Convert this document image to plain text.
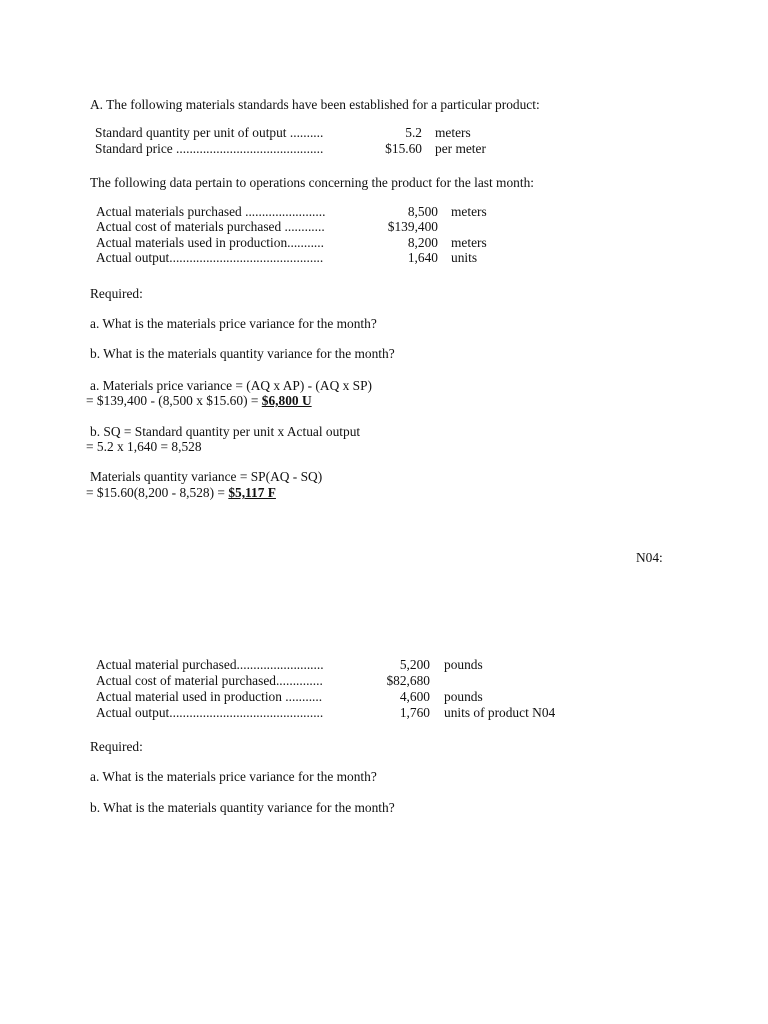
A. The following materials standards have been established for a particular product:
Standard quantity per unit of output ..........	5.2 meters
Standard price ............................................	$15.60 per meter
The following data pertain to operations concerning the product for the last month:
Actual materials purchased ........................	8,500 meters
Actual cost of materials purchased ............	$139,400
Actual materials used in production...........	8,200 meters
Actual output..............................................	1,640 units
Required:
a. What is the materials price variance for the month?
b. What is the materials quantity variance for the month?
a. Materials price variance = (AQ x AP) - (AQ x SP)
= $139,400 - (8,500 x $15.60) = $6,800 U
b. SQ = Standard quantity per unit x Actual output
= 5.2 x 1,640 = 8,528
Materials quantity variance = SP(AQ - SQ)
= $15.60(8,200 - 8,528) = $5,117 F
N04:
Actual material purchased..........................	5,200 pounds
Actual cost of material purchased..............	$82,680
Actual material used in production ...........	4,600 pounds
Actual output..............................................	1,760 units of product N04
Required:
a. What is the materials price variance for the month?
b. What is the materials quantity variance for the month?
